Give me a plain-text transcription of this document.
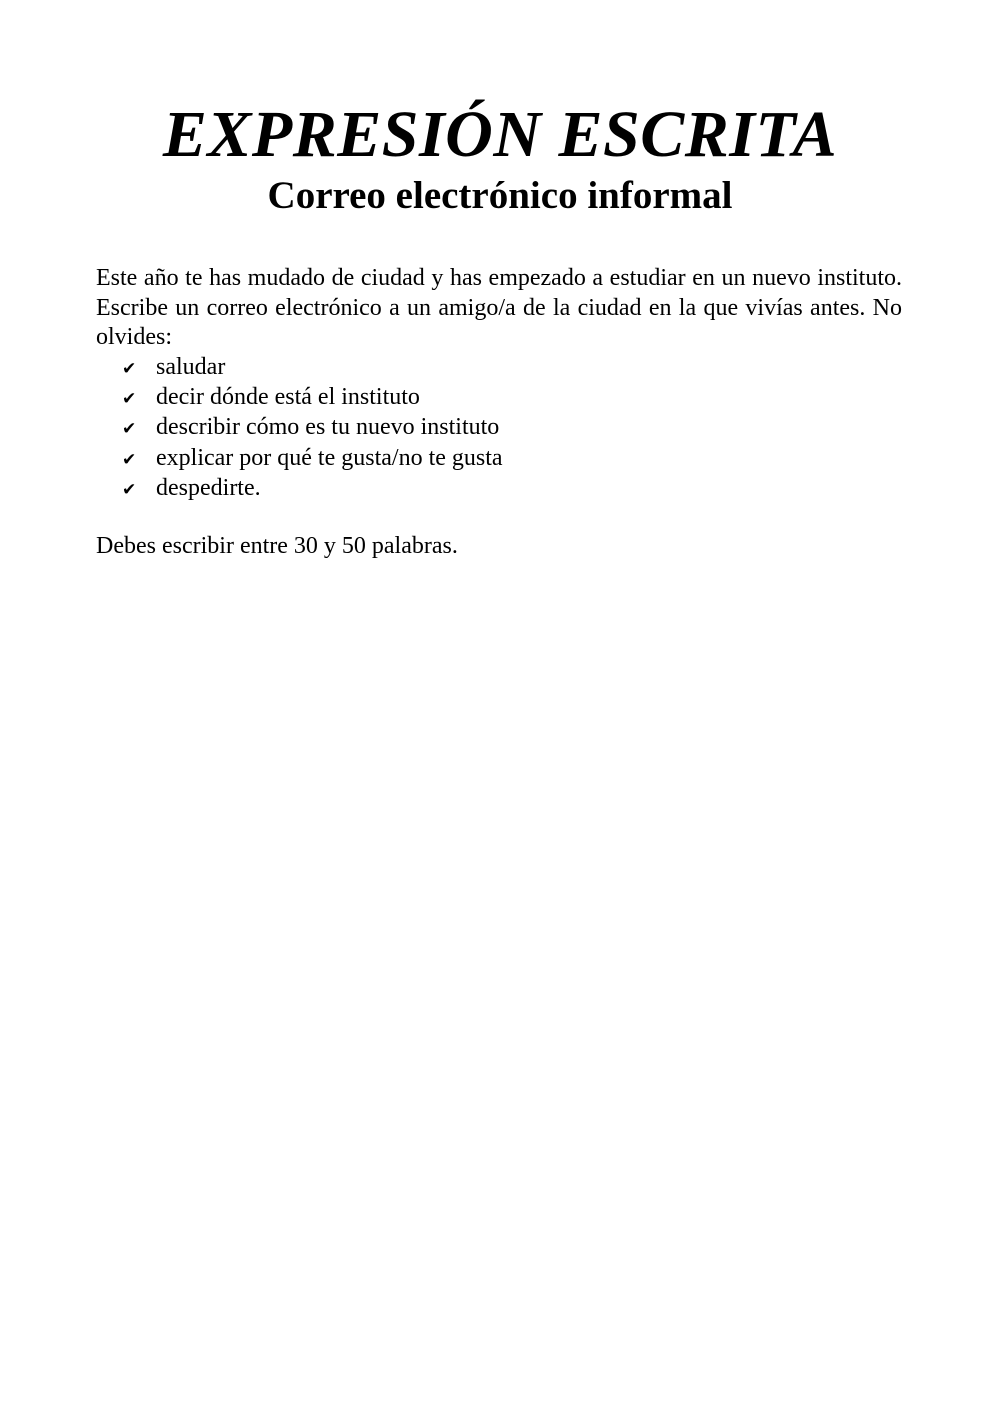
EXPRESIÓN ESCRITA
Correo electrónico informal

Este año te has mudado de ciudad y has empezado a estudiar en un nuevo instituto. Escribe un correo electrónico a un amigo/a de la ciudad en la que vivías antes. No olvides:

✔ saludar
✔ decir dónde está el instituto
✔ describir cómo es tu nuevo instituto
✔ explicar por qué te gusta/no te gusta
✔ despedirte.

Debes escribir entre 30 y 50 palabras.
